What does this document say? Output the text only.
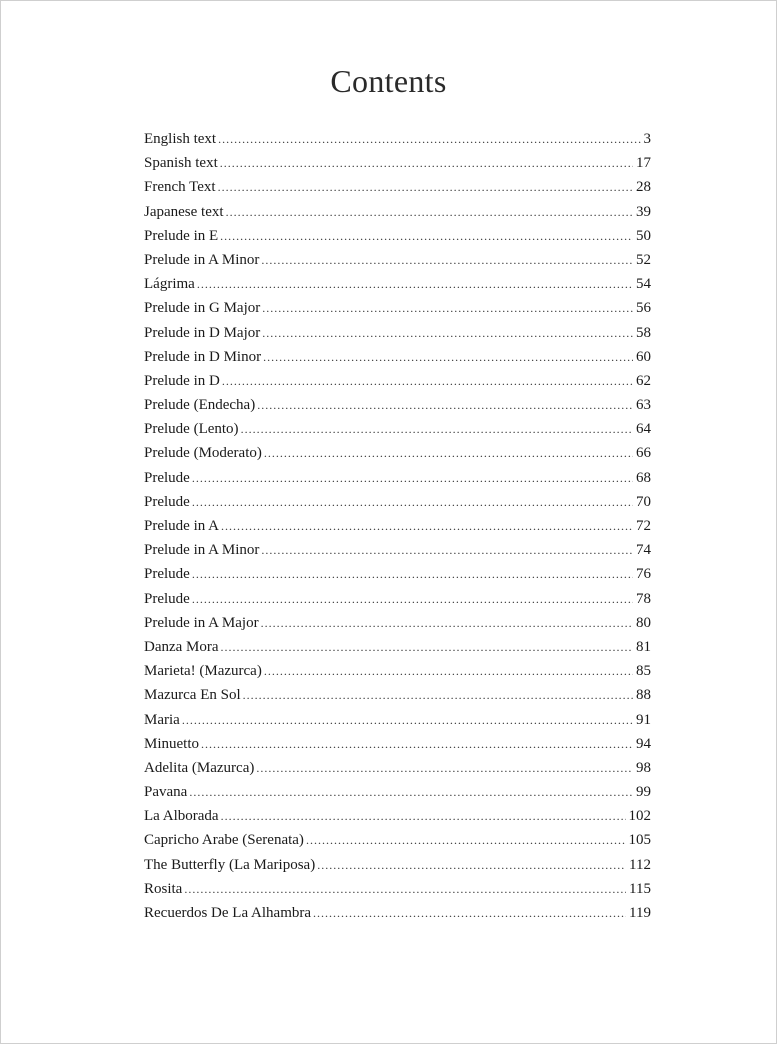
Contents
English text .....	3
Spanish text .....	17
French Text .....	28
Japanese text .....	39
Prelude in E .....	50
Prelude in A Minor .....	52
Lágrima .....	54
Prelude in G Major .....	56
Prelude in D Major .....	58
Prelude in D Minor .....	60
Prelude in D .....	62
Prelude (Endecha) .....	63
Prelude (Lento) .....	64
Prelude (Moderato) .....	66
Prelude .....	68
Prelude .....	70
Prelude in A .....	72
Prelude in A Minor .....	74
Prelude .....	76
Prelude .....	78
Prelude in A Major .....	80
Danza Mora .....	81
Marieta! (Mazurca) .....	85
Mazurca En Sol .....	88
Maria .....	91
Minuetto .....	94
Adelita (Mazurca) .....	98
Pavana .....	99
La Alborada .....	102
Capricho Arabe (Serenata) .....	105
The Butterfly (La Mariposa) .....	112
Rosita .....	115
Recuerdos De La Alhambra .....	119
